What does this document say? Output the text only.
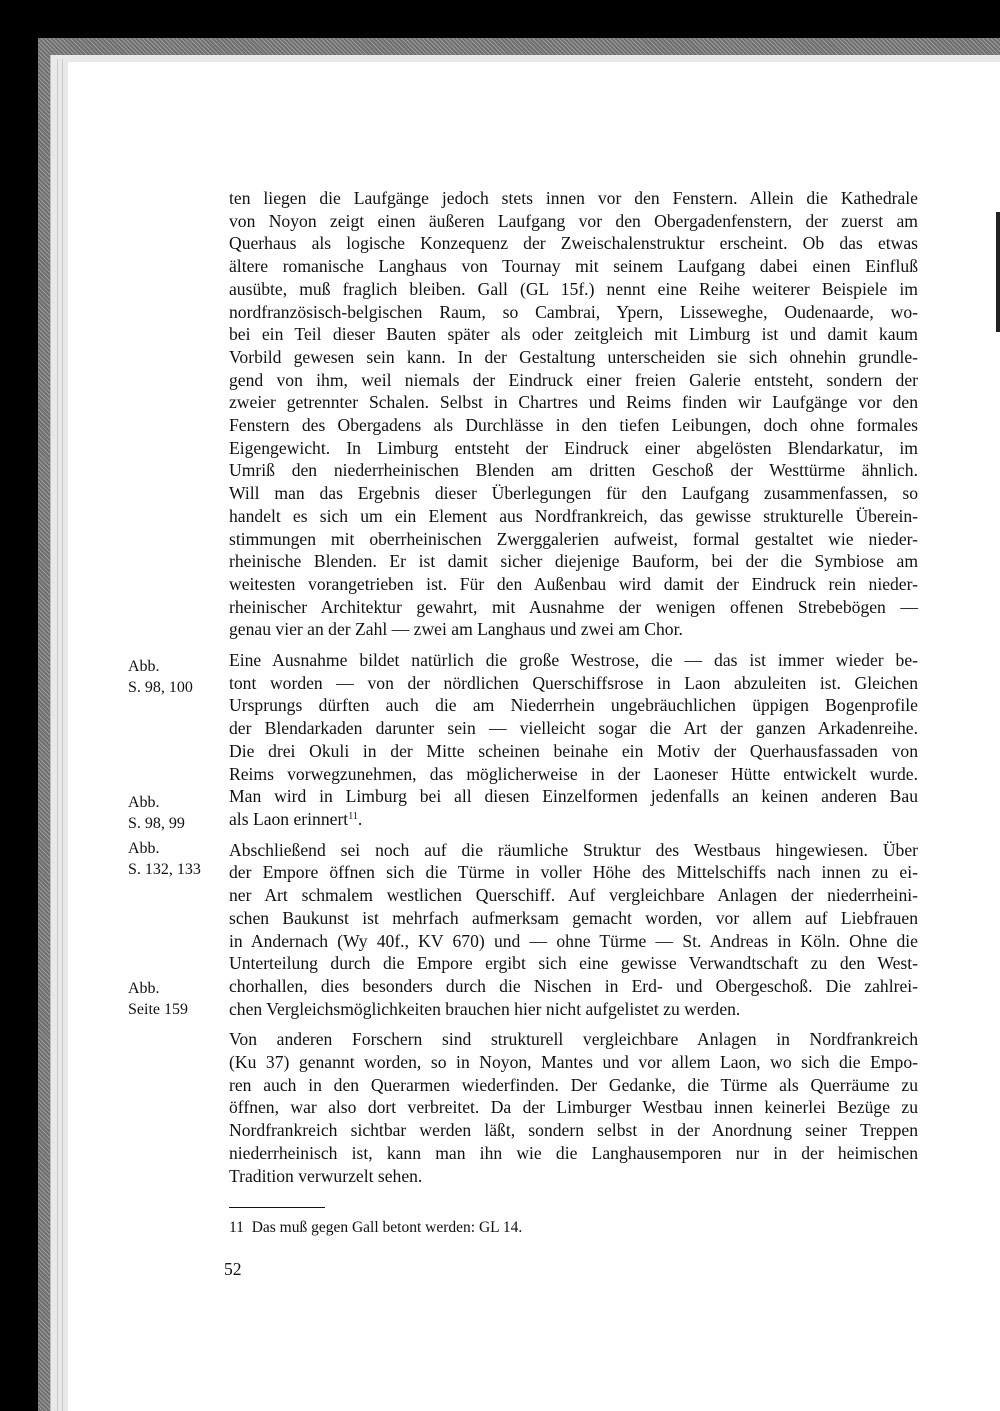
ten liegen die Laufgänge jedoch stets innen vor den Fenstern. Allein die Kathedrale
von Noyon zeigt einen äußeren Laufgang vor den Obergadenfenstern, der zuerst am
Querhaus als logische Konzequenz der Zweischalenstruktur erscheint. Ob das etwas
ältere romanische Langhaus von Tournay mit seinem Laufgang dabei einen Einfluß
ausübte, muß fraglich bleiben. Gall (GL 15f.) nennt eine Reihe weiterer Beispiele im
nordfranzösisch-belgischen Raum, so Cambrai, Ypern, Lisseweghe, Oudenaarde, wo-
bei ein Teil dieser Bauten später als oder zeitgleich mit Limburg ist und damit kaum
Vorbild gewesen sein kann. In der Gestaltung unterscheiden sie sich ohnehin grundle-
gend von ihm, weil niemals der Eindruck einer freien Galerie entsteht, sondern der
zweier getrennter Schalen. Selbst in Chartres und Reims finden wir Laufgänge vor den
Fenstern des Obergadens als Durchlässe in den tiefen Leibungen, doch ohne formales
Eigengewicht. In Limburg entsteht der Eindruck einer abgelösten Blendarkatur, im
Umriß den niederrheinischen Blenden am dritten Geschoß der Westtürme ähnlich.
Will man das Ergebnis dieser Überlegungen für den Laufgang zusammenfassen, so
handelt es sich um ein Element aus Nordfrankreich, das gewisse strukturelle Überein-
stimmungen mit oberrheinischen Zwerggalerien aufweist, formal gestaltet wie nieder-
rheinische Blenden. Er ist damit sicher diejenige Bauform, bei der die Symbiose am
weitesten vorangetrieben ist. Für den Außenbau wird damit der Eindruck rein nieder-
rheinischer Architektur gewahrt, mit Ausnahme der wenigen offenen Strebebögen —
genau vier an der Zahl — zwei am Langhaus und zwei am Chor.
Eine Ausnahme bildet natürlich die große Westrose, die — das ist immer wieder be-
tont worden — von der nördlichen Querschiffsrose in Laon abzuleiten ist. Gleichen
Ursprungs dürften auch die am Niederrhein ungebräuchlichen üppigen Bogenprofile
der Blendarkaden darunter sein — vielleicht sogar die Art der ganzen Arkadenreihe.
Die drei Okuli in der Mitte scheinen beinahe ein Motiv der Querhausfassaden von
Reims vorwegzunehmen, das möglicherweise in der Laoneser Hütte entwickelt wurde.
Man wird in Limburg bei all diesen Einzelformen jedenfalls an keinen anderen Bau
als Laon erinnert$^{11}$.
Abschließend sei noch auf die räumliche Struktur des Westbaus hingewiesen. Über
der Empore öffnen sich die Türme in voller Höhe des Mittelschiffs nach innen zu ei-
ner Art schmalem westlichen Querschiff. Auf vergleichbare Anlagen der niederrheini-
schen Baukunst ist mehrfach aufmerksam gemacht worden, vor allem auf Liebfrauen
in Andernach (Wy 40f., KV 670) und — ohne Türme — St. Andreas in Köln. Ohne die
Unterteilung durch die Empore ergibt sich eine gewisse Verwandtschaft zu den West-
chorhallen, dies besonders durch die Nischen in Erd- und Obergeschoß. Die zahlrei-
chen Vergleichsmöglichkeiten brauchen hier nicht aufgelistet zu werden.
Von anderen Forschern sind strukturell vergleichbare Anlagen in Nordfrankreich
(Ku 37) genannt worden, so in Noyon, Mantes und vor allem Laon, wo sich die Empo-
ren auch in den Querarmen wiederfinden. Der Gedanke, die Türme als Querräume zu
öffnen, war also dort verbreitet. Da der Limburger Westbau innen keinerlei Bezüge zu
Nordfrankreich sichtbar werden läßt, sondern selbst in der Anordnung seiner Treppen
niederrheinisch ist, kann man ihn wie die Langhausemporen nur in der heimischen
Tradition verwurzelt sehen.
Abb.
S. 98, 100
Abb.
S. 98, 99
Abb.
S. 132, 133
Abb.
Seite 159
11 Das muß gegen Gall betont werden: GL 14.
52
